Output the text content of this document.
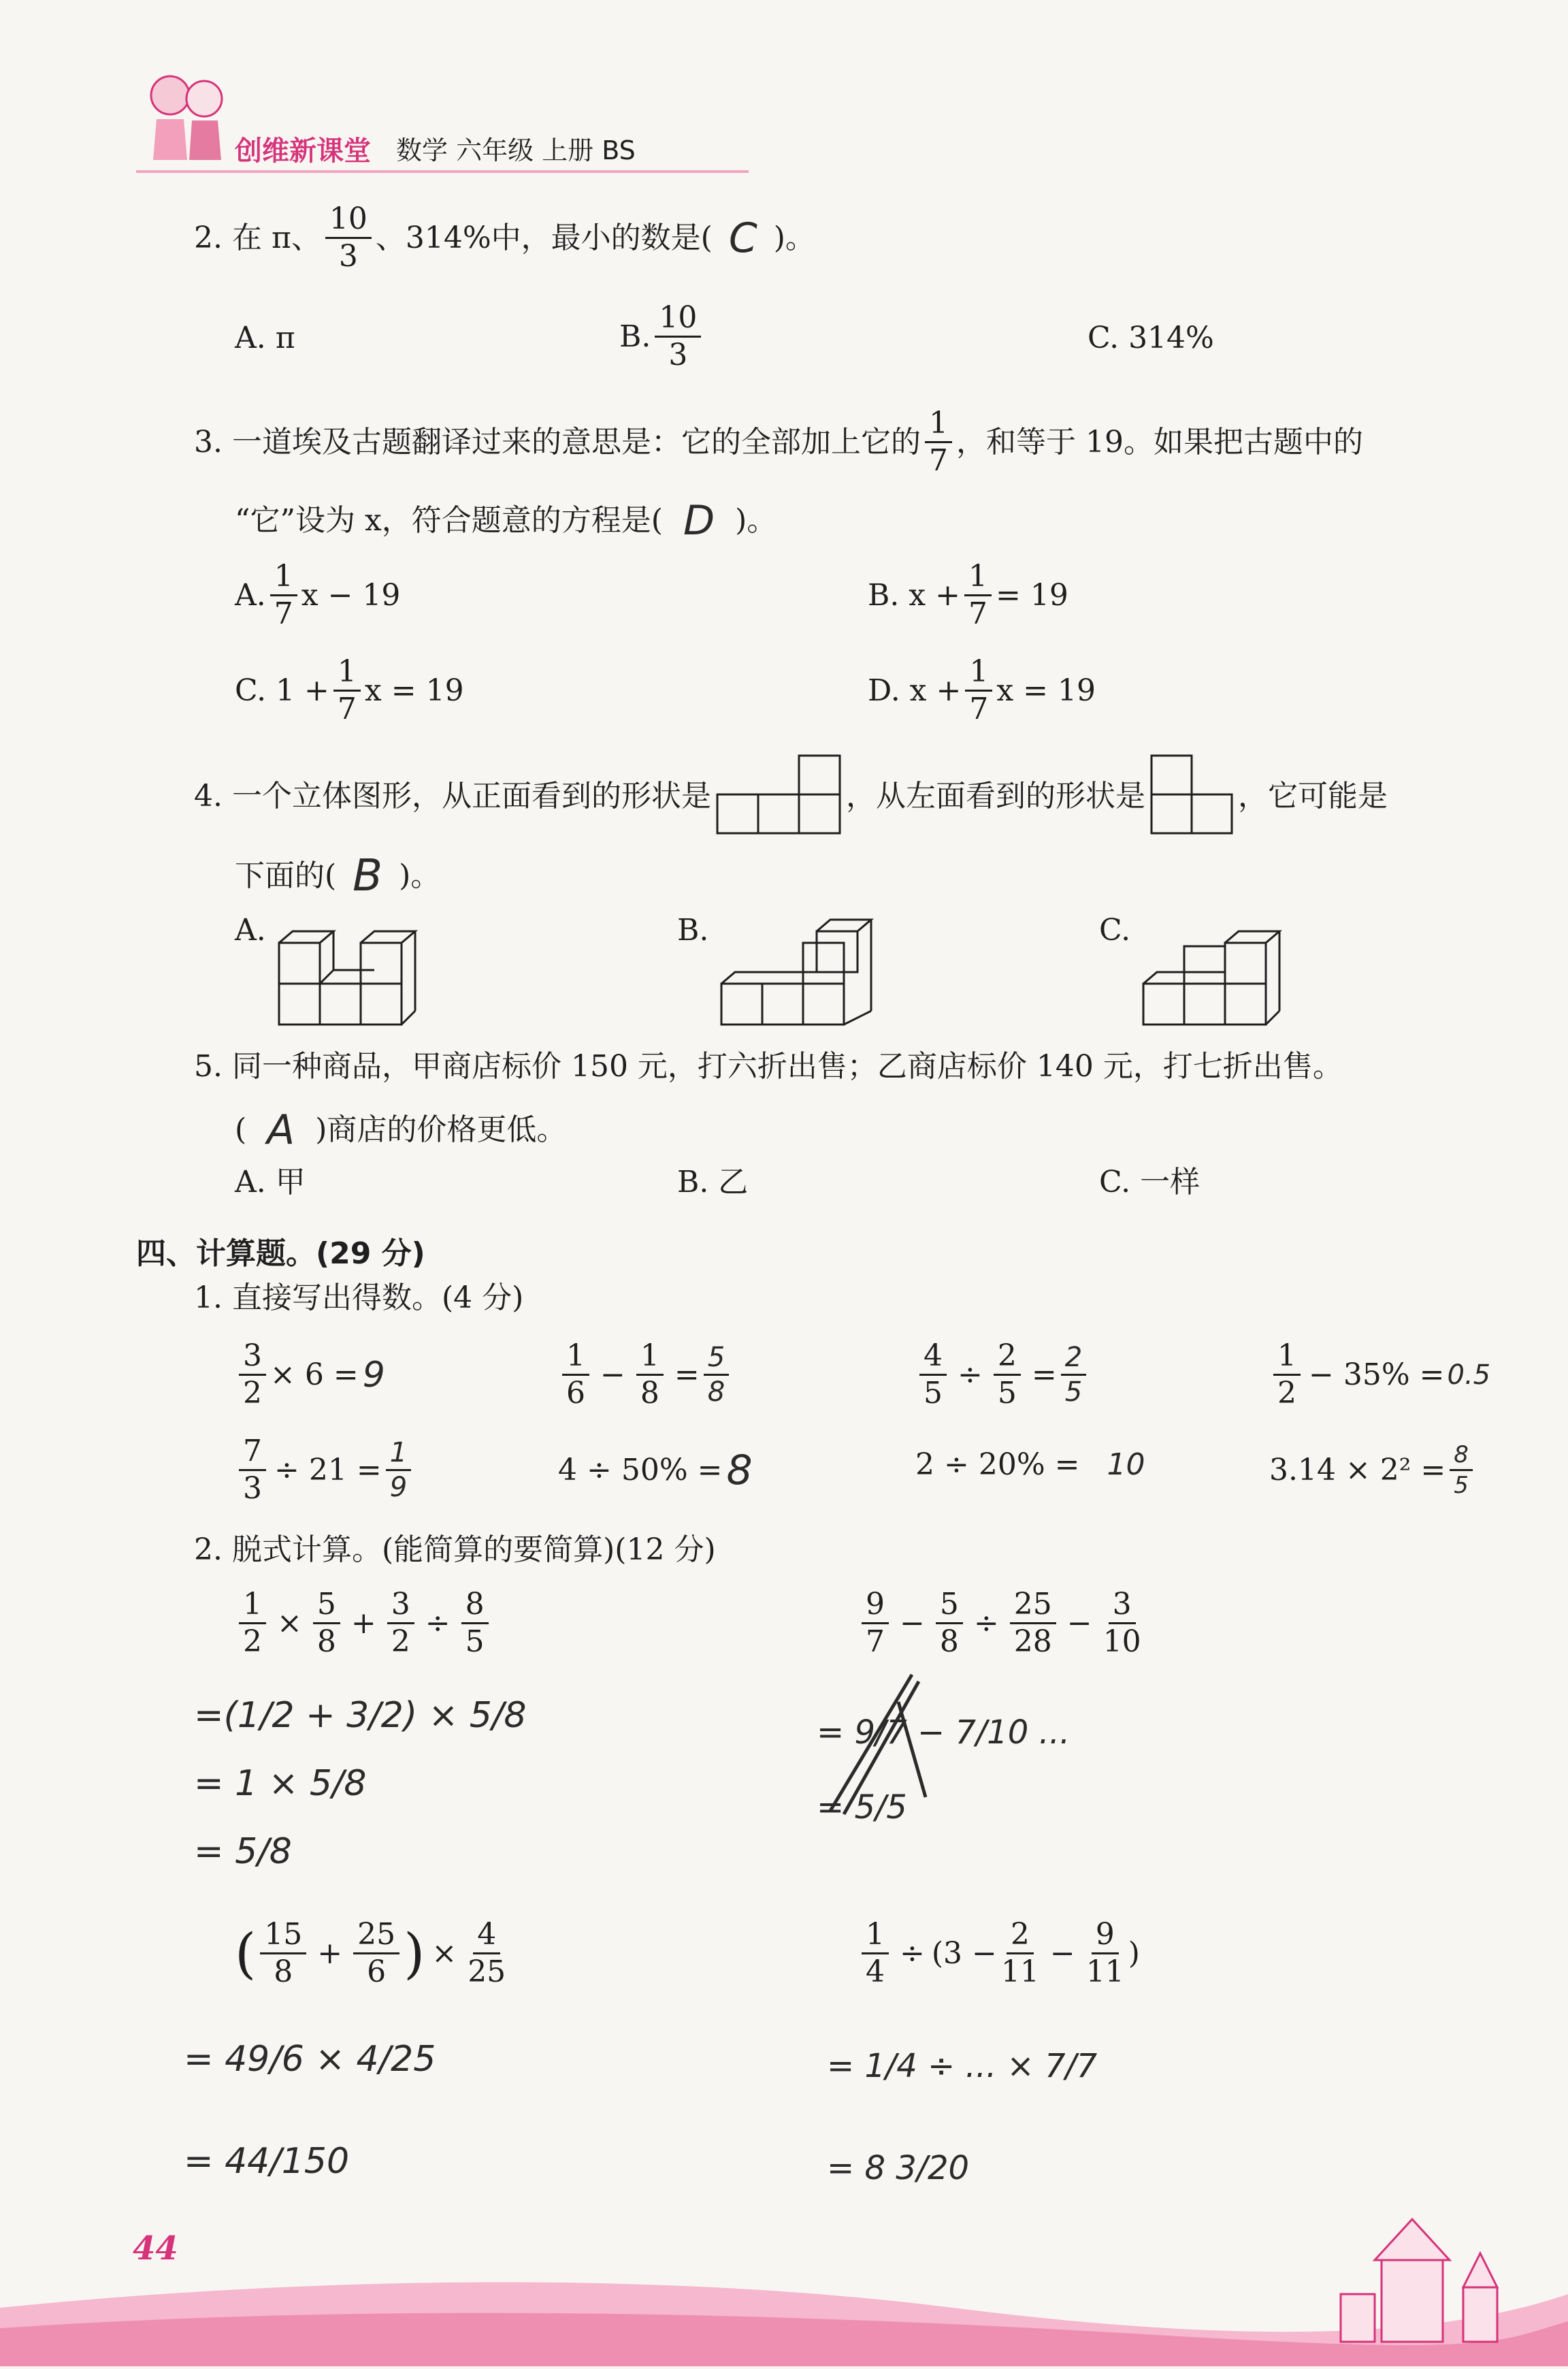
创维新课堂 数学 六年级 上册 BS
2. 在 π、 $\frac{10}{3}$ 、314%中，最小的数是( C )。
A. π	B. $\frac{10}{3}$	C. 314%
3. 一道埃及古题翻译过来的意思是：它的全部加上它的 $\frac{1}{7}$ ，和等于 19。如果把古题中的
“它”设为 x，符合题意的方程是( D )。
A. $\frac{1}{7}$ x − 19	B. $x + \frac{1}{7} = 19$
C. $1 + \frac{1}{7}$ x = 19	D. $x + \frac{1}{7}$ x = 19
4. 一个立体图形，从正面看到的形状是	，从左面看到的形状是	，它可能是
下面的( B )。
A.	B.	C.
5. 同一种商品，甲商店标价 150 元，打六折出售；乙商店标价 140 元，打七折出售。
( A )商店的价格更低。
A. 甲	B. 乙	C. 一样
四、计算题。(29 分)
1. 直接写出得数。(4 分)
$\frac{3}{2} \times 6 = 9$	$\frac{1}{6} - \frac{1}{8} = \frac{5}{8}$	$\frac{4}{5} \div \frac{2}{5} = \frac{2}{5}$	$\frac{1}{2} - 35\% = 0.5$
$\frac{7}{3} \div 21 = \frac{1}{9}$	4 ÷ 50% = 8	2 ÷ 20% = 10	$3.14 \times 2^2 = \frac{8}{5}$
2. 脱式计算。(能简算的要简算)(12 分)
$\frac{1}{2} \times \frac{5}{8} + \frac{3}{2} \div \frac{8}{5}$
=(1/2 + 3/2) × 5/8
= 1 × 5/8
= 5/8
$\frac{9}{7} - \frac{5}{8} \div \frac{25}{28} - \frac{3}{10}$
= 9/7 − 7/10 ...
= 5/5
( $\frac{15}{8} + \frac{25}{6}$ ) × $\frac{4}{25}$
= 49/6 × 4/25
= 44/150
$\frac{1}{4} \div (3 - \frac{2}{11} - \frac{9}{11}$ )
= 1/4 ÷ ... × 7/7
= 8 3/20
44
